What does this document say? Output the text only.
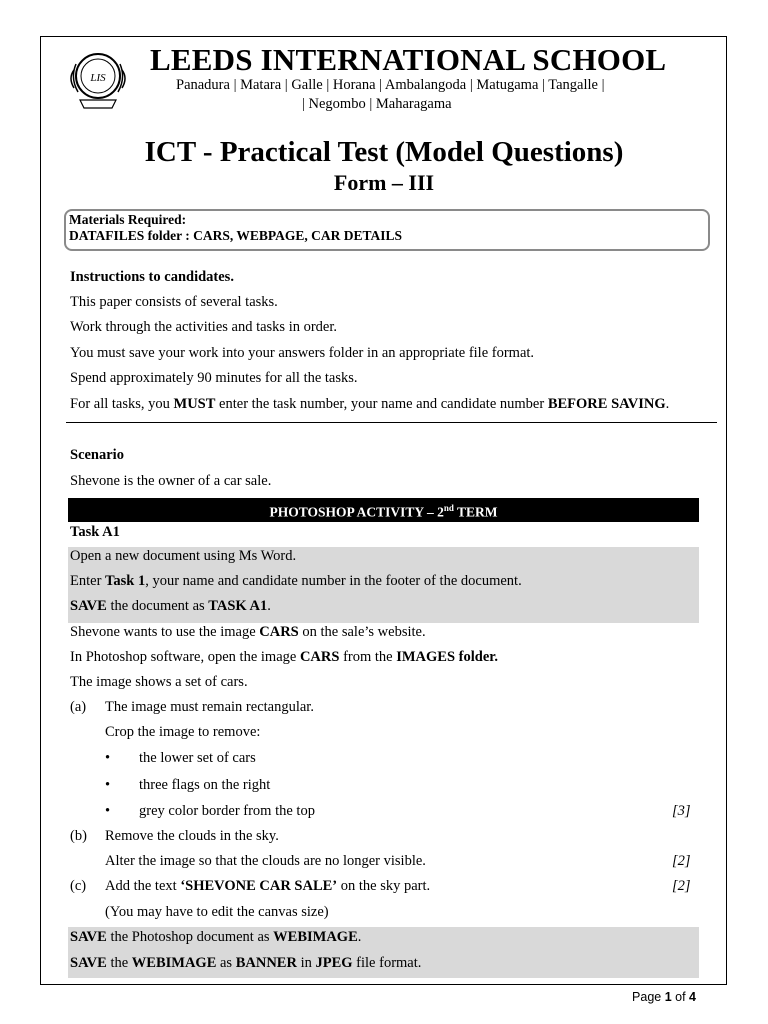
LIS
LEEDS INTERNATIONAL SCHOOL
Panadura | Matara | Galle | Horana | Ambalangoda | Matugama | Tangalle |
| Negombo | Maharagama
ICT - Practical Test (Model Questions)
Form – III
Materials Required:
DATAFILES folder : CARS, WEBPAGE, CAR DETAILS
Instructions to candidates.
This paper consists of several tasks.
Work through the activities and tasks in order.
You must save your work into your answers folder in an appropriate file format.
Spend approximately 90 minutes for all the tasks.
For all tasks, you MUST enter the task number, your name and candidate number BEFORE SAVING.
Scenario
Shevone is the owner of a car sale.
PHOTOSHOP ACTIVITY – 2nd TERM
Task A1
Open a new document using Ms Word.
Enter Task 1, your name and candidate number in the footer of the document.
SAVE the document as TASK A1.
Shevone wants to use the image CARS on the sale’s website.
In Photoshop software, open the image CARS from the IMAGES folder.
The image shows a set of cars.
(a) The image must remain rectangular.
Crop the image to remove:
• the lower set of cars
• three flags on the right
• grey color border from the top	[3]
(b) Remove the clouds in the sky.
Alter the image so that the clouds are no longer visible.	[2]
(c) Add the text ‘SHEVONE CAR SALE’ on the sky part.	[2]
(You may have to edit the canvas size)
SAVE the Photoshop document as WEBIMAGE.
SAVE the WEBIMAGE as BANNER in JPEG file format.
Page 1 of 4
